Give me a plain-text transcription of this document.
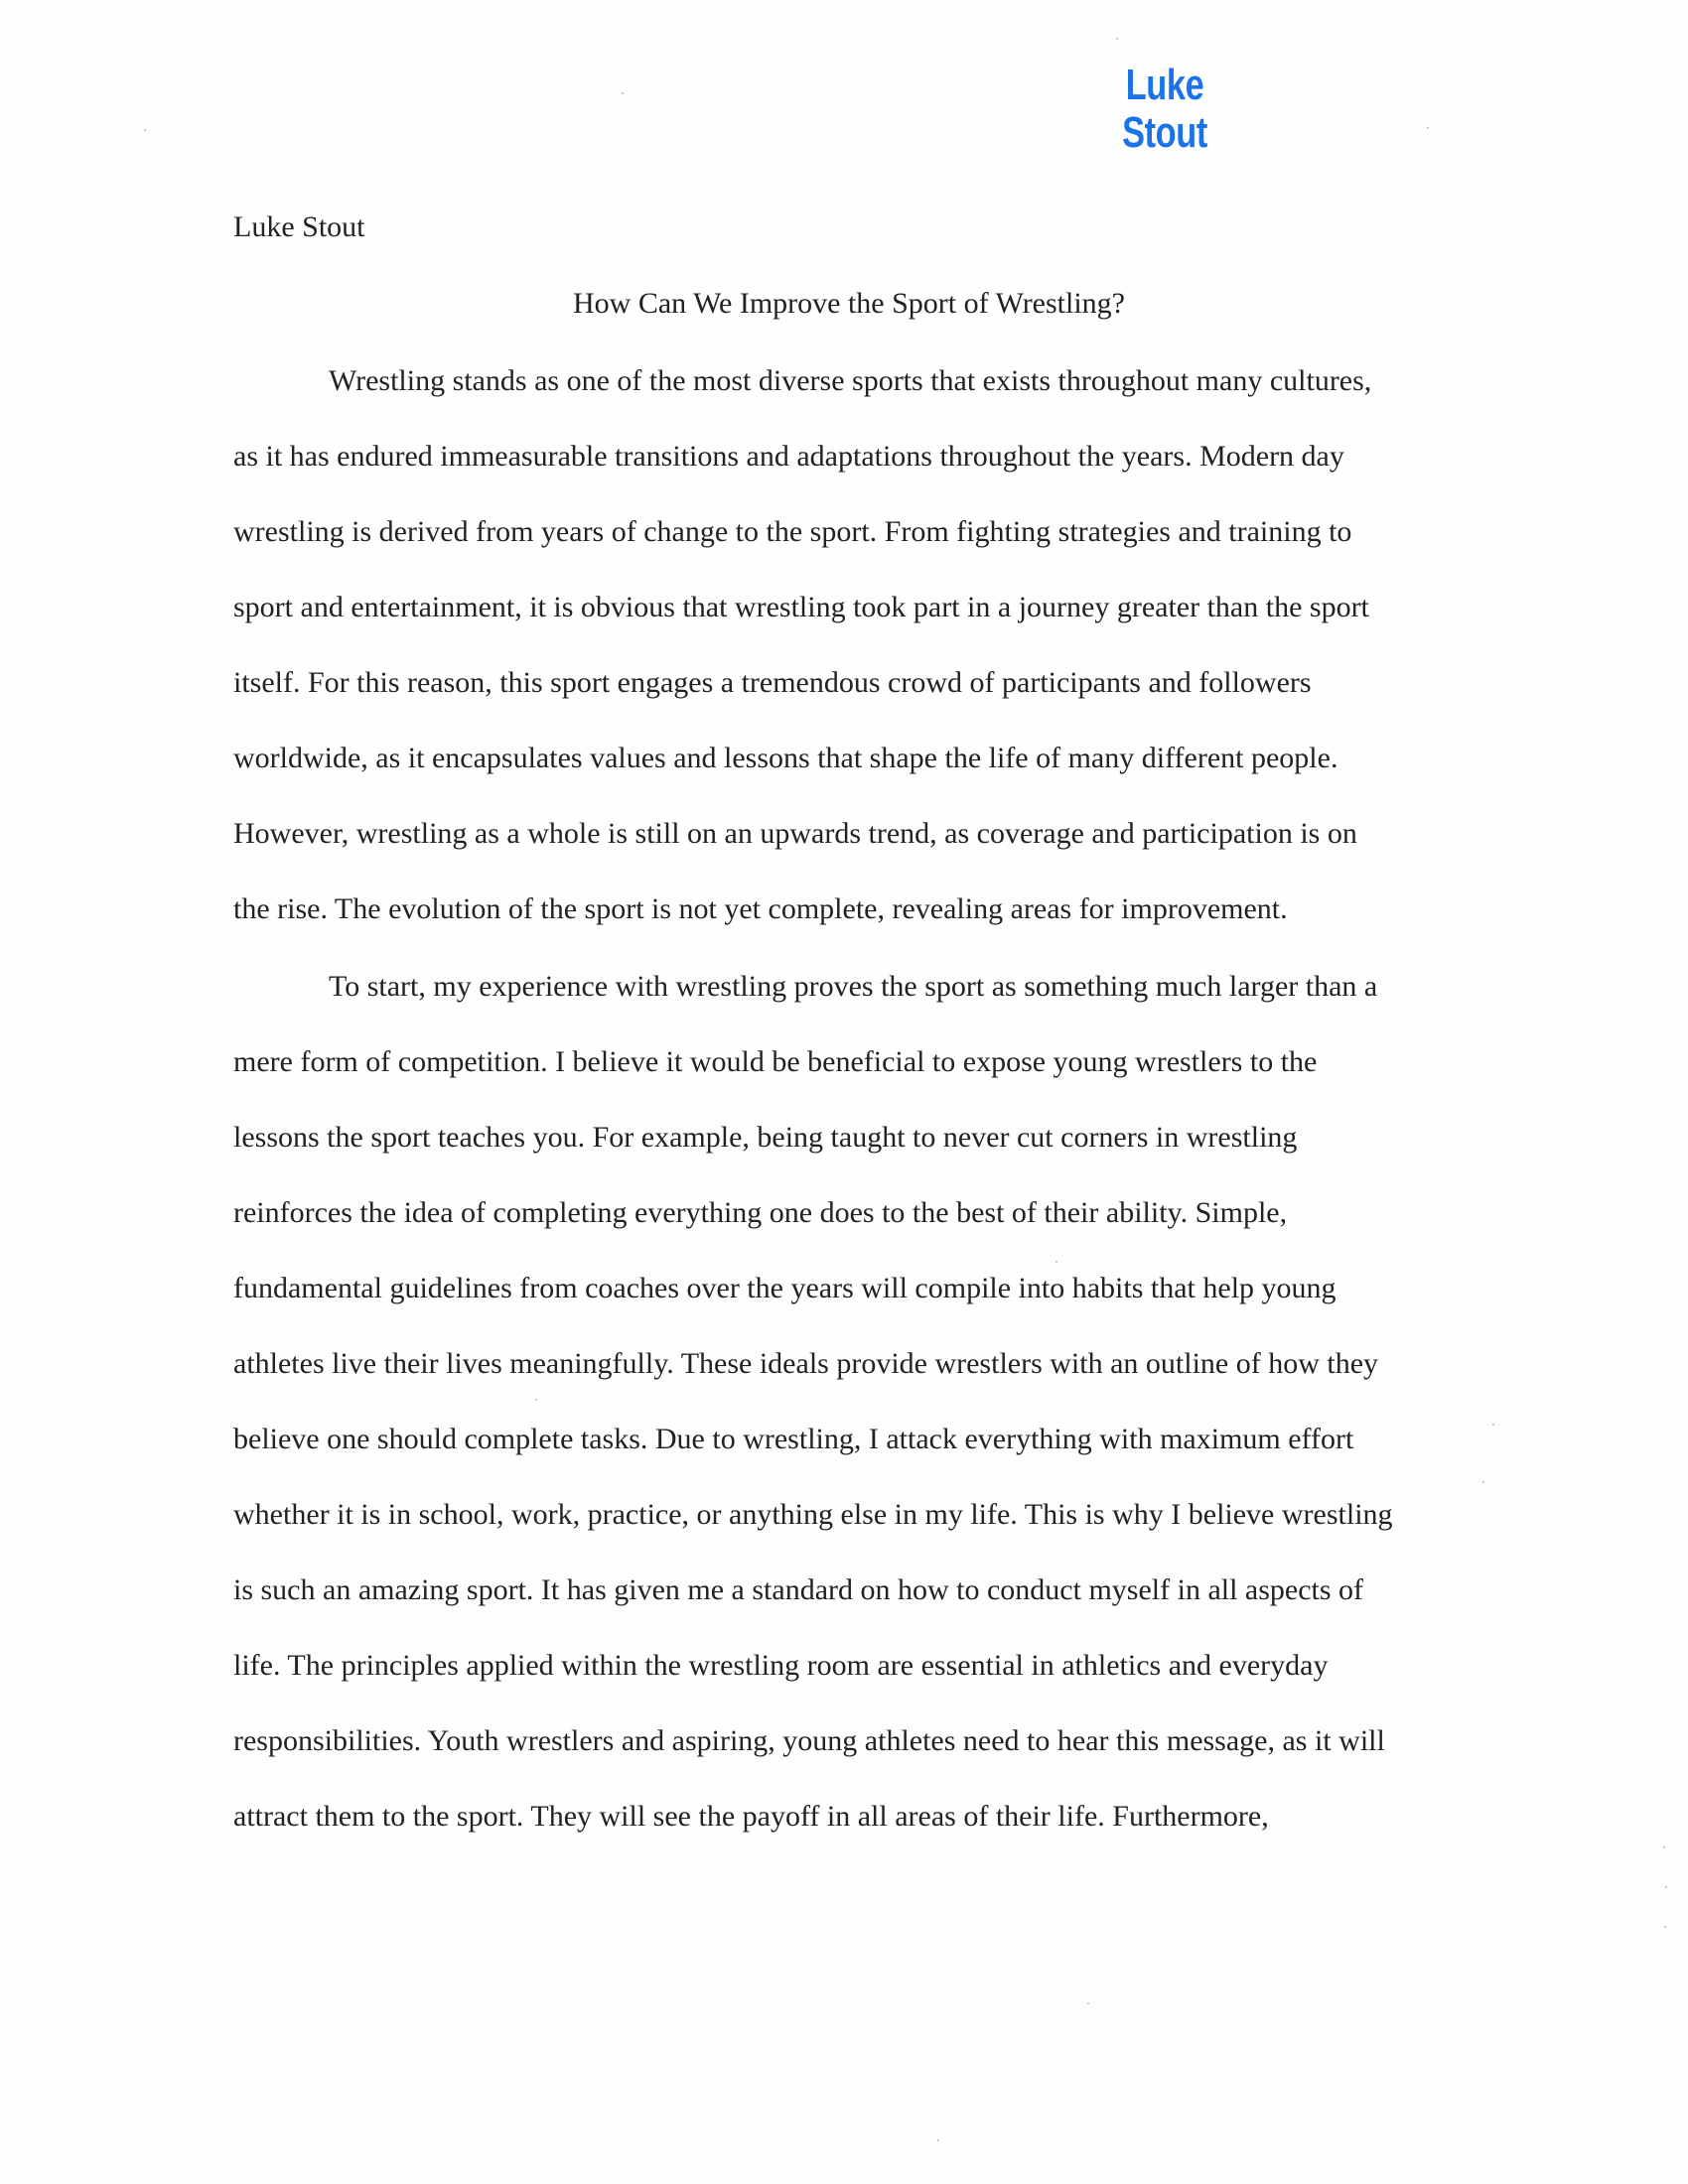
Luke Stout
Luke Stout
How Can We Improve the Sport of Wrestling?
Wrestling stands as one of the most diverse sports that exists throughout many cultures,
as it has endured immeasurable transitions and adaptations throughout the years. Modern day
wrestling is derived from years of change to the sport. From fighting strategies and training to
sport and entertainment, it is obvious that wrestling took part in a journey greater than the sport
itself. For this reason, this sport engages a tremendous crowd of participants and followers
worldwide, as it encapsulates values and lessons that shape the life of many different people.
However, wrestling as a whole is still on an upwards trend, as coverage and participation is on
the rise. The evolution of the sport is not yet complete, revealing areas for improvement.
To start, my experience with wrestling proves the sport as something much larger than a
mere form of competition. I believe it would be beneficial to expose young wrestlers to the
lessons the sport teaches you. For example, being taught to never cut corners in wrestling
reinforces the idea of completing everything one does to the best of their ability. Simple,
fundamental guidelines from coaches over the years will compile into habits that help young
athletes live their lives meaningfully. These ideals provide wrestlers with an outline of how they
believe one should complete tasks. Due to wrestling, I attack everything with maximum effort
whether it is in school, work, practice, or anything else in my life. This is why I believe wrestling
is such an amazing sport. It has given me a standard on how to conduct myself in all aspects of
life. The principles applied within the wrestling room are essential in athletics and everyday
responsibilities. Youth wrestlers and aspiring, young athletes need to hear this message, as it will
attract them to the sport. They will see the payoff in all areas of their life. Furthermore,
